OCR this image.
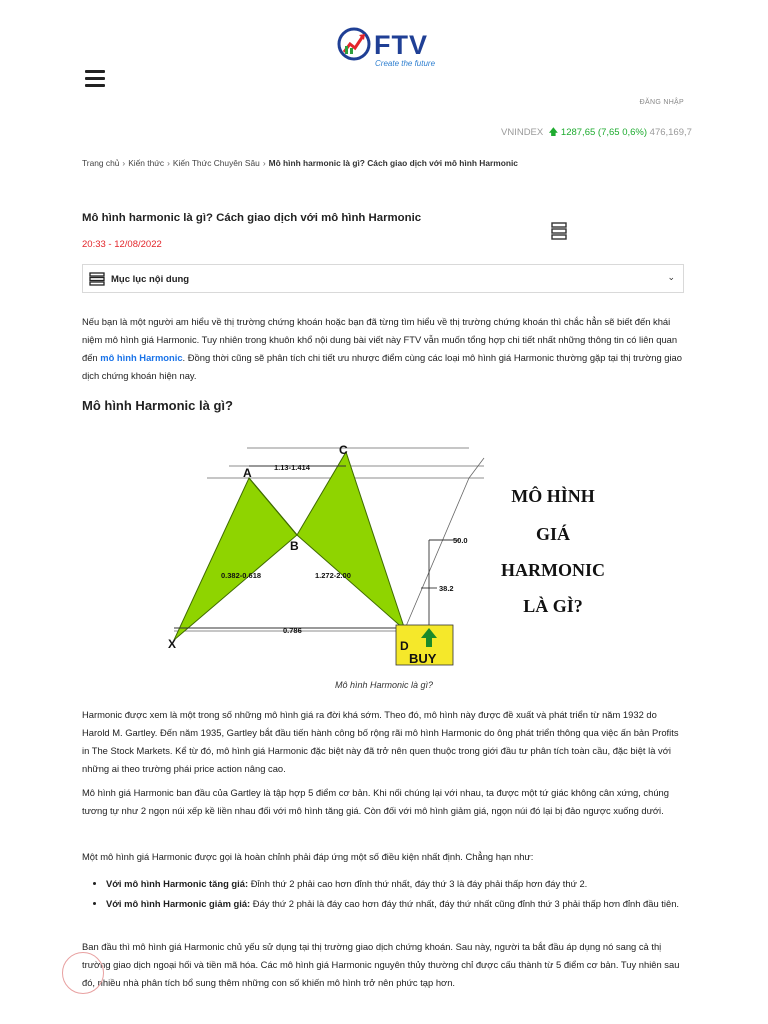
FTV
Create the future
ĐĂNG NHẬP
VNINDEX  🡅 1287,65 (7,65 0,6%) 476,169,7
Trang chủ › Kiến thức › Kiến Thức Chuyên Sâu › Mô hình harmonic là gì? Cách giao dịch với mô hình Harmonic
Mô hình harmonic là gì? Cách giao dịch với mô hình Harmonic
20:33 - 12/08/2022
Mục lục nội dung	⌄
Nếu bạn là một người am hiểu về thị trường chứng khoán hoặc bạn đã từng tìm hiểu về thị trường chứng khoán thì chắc hẳn sẽ biết đến khái niệm mô hình giá Harmonic. Tuy nhiên trong khuôn khổ nội dung bài viết này FTV vẫn muốn tổng hợp chi tiết nhất những thông tin có liên quan đến mô hình Harmonic. Đồng thời cũng sẽ phân tích chi tiết ưu nhược điểm cùng các loại mô hình giá Harmonic thường gặp tại thị trường giao dịch chứng khoán hiện nay.
Mô hình Harmonic là gì?
X
A
B
C
D
1.13-1.414
0.382-0.618	1.272-2.00
0.786
50.0
38.2
BUY
MÔ HÌNH
GIÁ
HARMONIC
LÀ GÌ?
Mô hình Harmonic là gì?
Harmonic được xem là một trong số những mô hình giá ra đời khá sớm. Theo đó, mô hình này được đề xuất và phát triển từ năm 1932 do Harold M. Gartley. Đến năm 1935, Gartley bắt đầu tiến hành công bố rộng rãi mô hình Harmonic do ông phát triển thông qua việc ấn bản Profits in The Stock Markets. Kể từ đó, mô hình giá Harmonic đặc biệt này đã trở nên quen thuộc trong giới đầu tư phân tích toàn cầu, đặc biệt là với những ai theo trường phái price action nâng cao.
Mô hình giá Harmonic ban đầu của Gartley là tập hợp 5 điểm cơ bản. Khi nối chúng lại với nhau, ta được một tứ giác không cân xứng, chúng tương tự như 2 ngọn núi xếp kề liền nhau đối với mô hình tăng giá. Còn đối với mô hình giảm giá, ngọn núi đó lại bị đảo ngược xuống dưới.
Một mô hình giá Harmonic được gọi là hoàn chỉnh phải đáp ứng một số điều kiện nhất định. Chẳng hạn như:
• Với mô hình Harmonic tăng giá: Đỉnh thứ 2 phải cao hơn đỉnh thứ nhất, đáy thứ 3 là đáy phải thấp hơn đáy thứ 2.
• Với mô hình Harmonic giảm giá: Đáy thứ 2 phải là đáy cao hơn đáy thứ nhất, đáy thứ nhất cũng đỉnh thứ 3 phải thấp hơn đỉnh đầu tiên.
Ban đầu thì mô hình giá Harmonic chủ yếu sử dụng tại thị trường giao dịch chứng khoán. Sau này, người ta bắt đầu áp dụng nó sang cả thị trường giao dịch ngoại hối và tiền mã hóa. Các mô hình giá Harmonic nguyên thủy thường chỉ được cấu thành từ 5 điểm cơ bản. Tuy nhiên sau đó, nhiều nhà phân tích bổ sung thêm những con số khiến mô hình trở nên phức tạp hơn.
